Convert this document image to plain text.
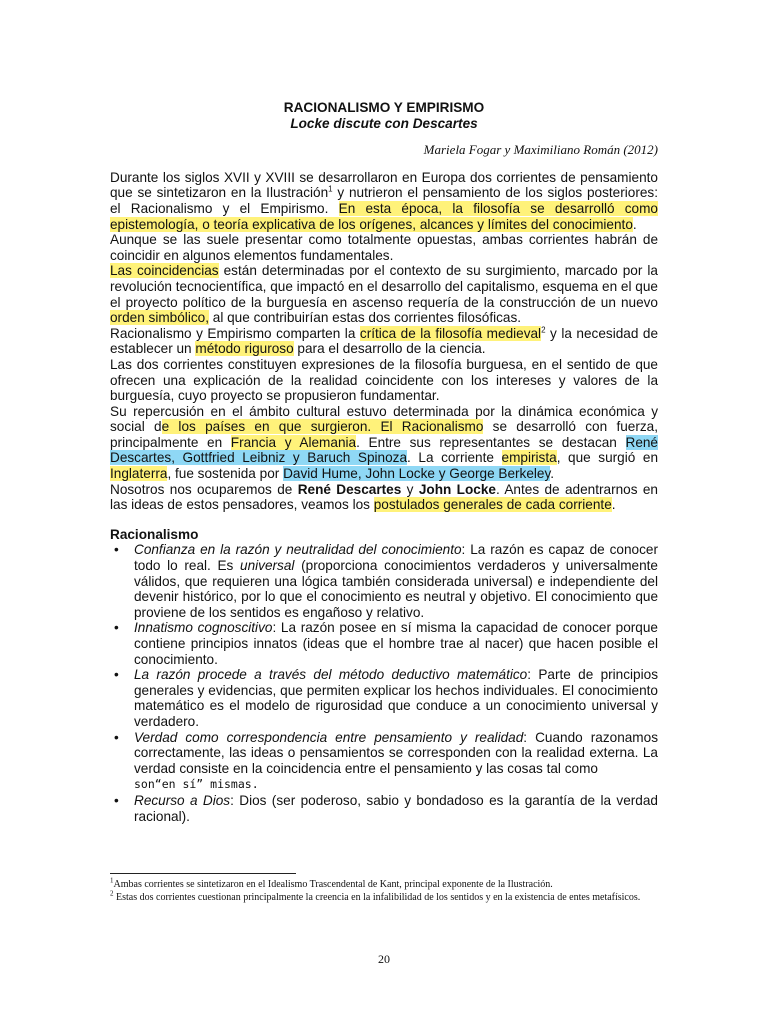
RACIONALISMO Y EMPIRISMO
Locke discute con Descartes
Mariela Fogar y Maximiliano Román (2012)

Durante los siglos XVII y XVIII se desarrollaron en Europa dos corrientes de pensamiento que se sintetizaron en la Ilustración$^1$ y nutrieron el pensamiento de los siglos posteriores: el Racionalismo y el Empirismo. En esta época, la filosofía se desarrolló como epistemología, o teoría explicativa de los orígenes, alcances y límites del conocimiento.

Aunque se las suele presentar como totalmente opuestas, ambas corrientes habrán de coincidir en algunos elementos fundamentales.

Las coincidencias están determinadas por el contexto de su surgimiento, marcado por la revolución tecnocientífica, que impactó en el desarrollo del capitalismo, esquema en el que el proyecto político de la burguesía en ascenso requería de la construcción de un nuevo orden simbólico, al que contribuirían estas dos corrientes filosóficas.

Racionalismo y Empirismo comparten la crítica de la filosofía medieval$^2$ y la necesidad de establecer un método riguroso para el desarrollo de la ciencia.

Las dos corrientes constituyen expresiones de la filosofía burguesa, en el sentido de que ofrecen una explicación de la realidad coincidente con los intereses y valores de la burguesía, cuyo proyecto se propusieron fundamentar.

Su repercusión en el ámbito cultural estuvo determinada por la dinámica económica y social de los países en que surgieron. El Racionalismo se desarrolló con fuerza, principalmente en Francia y Alemania. Entre sus representantes se destacan René Descartes, Gottfried Leibniz y Baruch Spinoza. La corriente empirista, que surgió en Inglaterra, fue sostenida por David Hume, John Locke y George Berkeley.

Nosotros nos ocuparemos de René Descartes y John Locke. Antes de adentrarnos en las ideas de estos pensadores, veamos los postulados generales de cada corriente.

Racionalismo
• Confianza en la razón y neutralidad del conocimiento: La razón es capaz de conocer todo lo real. Es universal (proporciona conocimientos verdaderos y universalmente válidos, que requieren una lógica también considerada universal) e independiente del devenir histórico, por lo que el conocimiento es neutral y objetivo. El conocimiento que proviene de los sentidos es engañoso y relativo.
• Innatismo cognoscitivo: La razón posee en sí misma la capacidad de conocer porque contiene principios innatos (ideas que el hombre trae al nacer) que hacen posible el conocimiento.
• La razón procede a través del método deductivo matemático: Parte de principios generales y evidencias, que permiten explicar los hechos individuales. El conocimiento matemático es el modelo de rigurosidad que conduce a un conocimiento universal y verdadero.
• Verdad como correspondencia entre pensamiento y realidad: Cuando razonamos correctamente, las ideas o pensamientos se corresponden con la realidad externa. La verdad consiste en la coincidencia entre el pensamiento y las cosas tal como
son“en sí” mismas.
• Recurso a Dios: Dios (ser poderoso, sabio y bondadoso es la garantía de la verdad racional).
$^1$Ambas corrientes se sintetizaron en el Idealismo Trascendental de Kant, principal exponente de la Ilustración.
$^2$ Estas dos corrientes cuestionan principalmente la creencia en la infalibilidad de los sentidos y en la existencia de entes metafísicos.
20
